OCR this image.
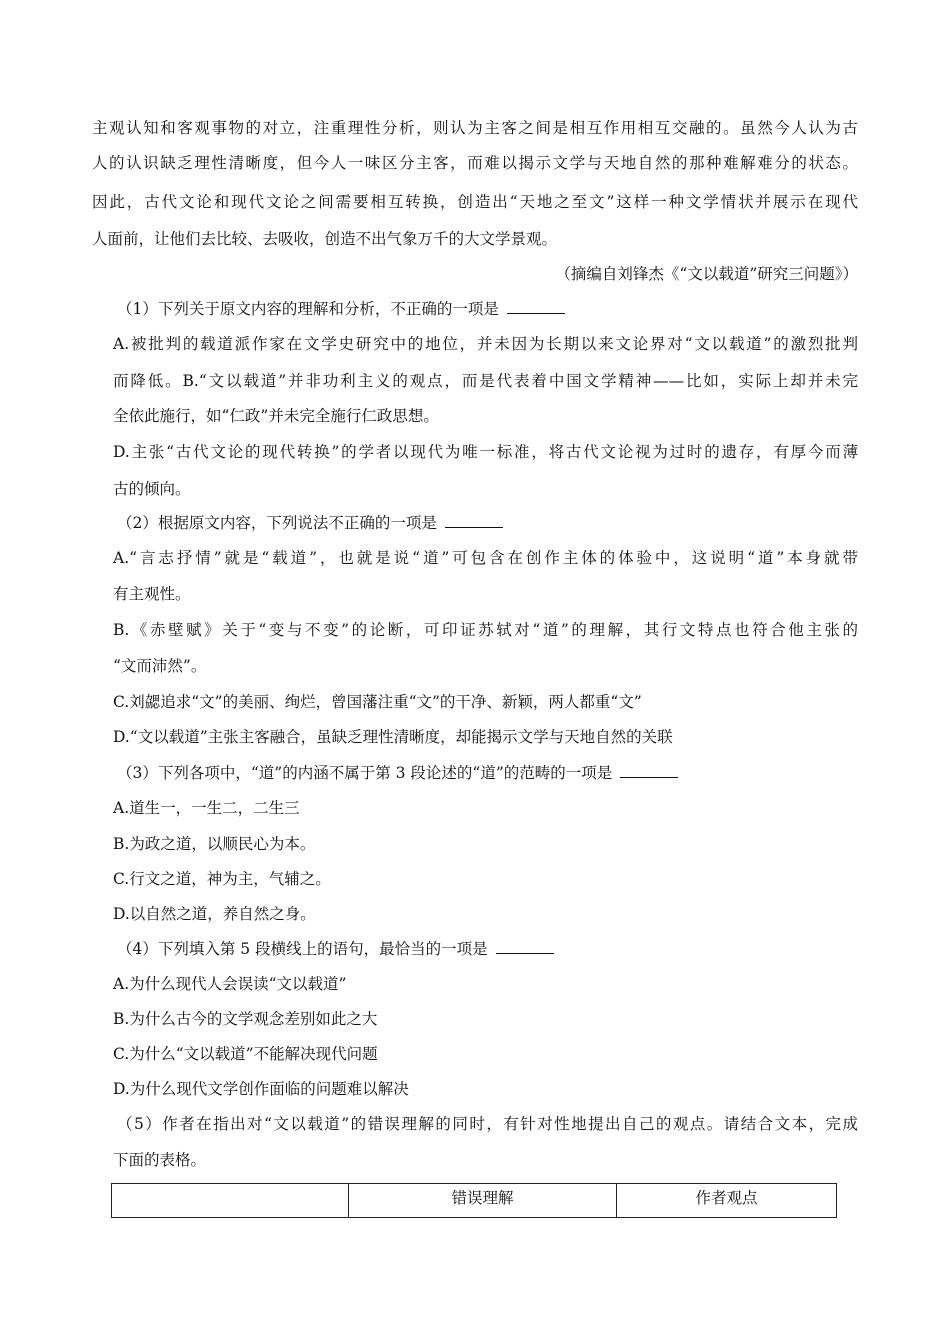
主观认知和客观事物的对立，注重理性分析，则认为主客之间是相互作用相互交融的。虽然今人认为古
人的认识缺乏理性清晰度，但今人一味区分主客，而难以揭示文学与天地自然的那种难解难分的状态。
因此，古代文论和现代文论之间需要相互转换，创造出“天地之至文”这样一种文学情状并展示在现代
人面前，让他们去比较、去吸收，创造不出气象万千的大文学景观。
（摘编自刘锋杰《“文以载道”研究三问题》）
（1）下列关于原文内容的理解和分析，不正确的一项是
A.被批判的载道派作家在文学史研究中的地位，并未因为长期以来文论界对“文以载道”的激烈批判
而降低。B.“文以载道”并非功利主义的观点，而是代表着中国文学精神——比如，实际上却并未完
全依此施行，如“仁政”并未完全施行仁政思想。
D.主张“古代文论的现代转换”的学者以现代为唯一标准，将古代文论视为过时的遗存，有厚今而薄
古的倾向。
（2）根据原文内容，下列说法不正确的一项是
A.“言志抒情”就是“载道”，也就是说“道”可包含在创作主体的体验中，这说明“道”本身就带
有主观性。
B.《赤壁赋》关于“变与不变”的论断，可印证苏轼对“道”的理解，其行文特点也符合他主张的
“文而沛然”。
C.刘勰追求“文”的美丽、绚烂，曾国藩注重“文”的干净、新颖，两人都重“文”
D.“文以载道”主张主客融合，虽缺乏理性清晰度，却能揭示文学与天地自然的关联
（3）下列各项中，“道”的内涵不属于第 3 段论述的“道”的范畴的一项是
A.道生一，一生二，二生三
B.为政之道，以顺民心为本。
C.行文之道，神为主，气辅之。
D.以自然之道，养自然之身。
（4）下列填入第 5 段横线上的语句，最恰当的一项是
A.为什么现代人会误读“文以载道”
B.为什么古今的文学观念差别如此之大
C.为什么“文以载道”不能解决现代问题
D.为什么现代文学创作面临的问题难以解决
（5）作者在指出对“文以载道”的错误理解的同时，有针对性地提出自己的观点。请结合文本，完成
下面的表格。
	错误理解	作者观点
